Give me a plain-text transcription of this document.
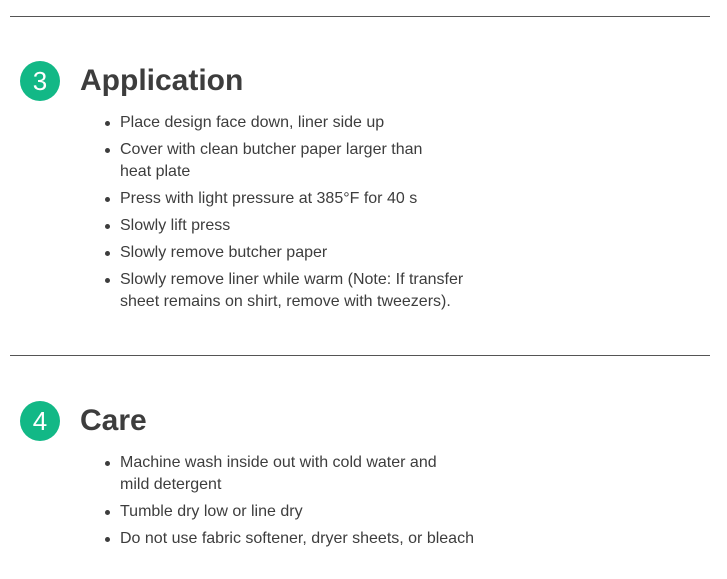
3	Application
Place design face down, liner side up
Cover with clean butcher paper larger than
heat plate
Press with light pressure at 385°F for 40 s
Slowly lift press
Slowly remove butcher paper
Slowly remove liner while warm (Note: If transfer
sheet remains on shirt, remove with tweezers).
4	Care
Machine wash inside out with cold water and
mild detergent
Tumble dry low or line dry
Do not use fabric softener, dryer sheets, or bleach
